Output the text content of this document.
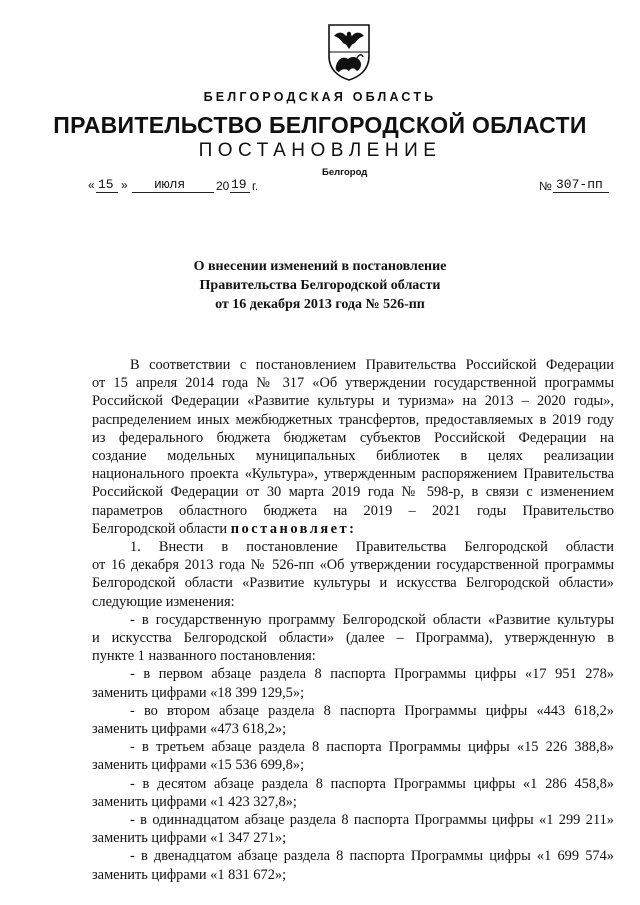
БЕЛГОРОДСКАЯ ОБЛАСТЬ
ПРАВИТЕЛЬСТВО БЕЛГОРОДСКОЙ ОБЛАСТИ
ПОСТАНОВЛЕНИЕ
Белгород
« 15 » июля	20 19 г.	№ 307-пп
О внесении изменений в постановление
Правительства Белгородской области
от 16 декабря 2013 года № 526-пп

В соответствии с постановлением Правительства Российской Федерации

от 15 апреля 2014 года № 317 «Об утверждении государственной программы

Российской Федерации «Развитие культуры и туризма» на 2013 – 2020 годы»,

распределением иных межбюджетных трансфертов, предоставляемых в 2019 году

из федерального бюджета бюджетам субъектов Российской Федерации на

создание модельных муниципальных библиотек в целях реализации

национального проекта «Культура», утвержденным распоряжением Правительства

Российской Федерации от 30 марта 2019 года № 598-р, в связи с изменением

параметров областного бюджета на 2019 – 2021 годы Правительство

Белгородской области постановляет:

1. Внести в постановление Правительства Белгородской области

от 16 декабря 2013 года № 526-пп «Об утверждении государственной программы

Белгородской области «Развитие культуры и искусства Белгородской области»

следующие изменения:

- в государственную программу Белгородской области «Развитие культуры

и искусства Белгородской области» (далее – Программа), утвержденную в

пункте 1 названного постановления:

- в первом абзаце раздела 8 паспорта Программы цифры «17 951 278»

заменить цифрами «18 399 129,5»;

- во втором абзаце раздела 8 паспорта Программы цифры «443 618,2»

заменить цифрами «473 618,2»;

- в третьем абзаце раздела 8 паспорта Программы цифры «15 226 388,8»

заменить цифрами «15 536 699,8»;

- в десятом абзаце раздела 8 паспорта Программы цифры «1 286 458,8»

заменить цифрами «1 423 327,8»;

- в одиннадцатом абзаце раздела 8 паспорта Программы цифры «1 299 211»

заменить цифрами «1 347 271»;

- в двенадцатом абзаце раздела 8 паспорта Программы цифры «1 699 574»

заменить цифрами «1 831 672»;
